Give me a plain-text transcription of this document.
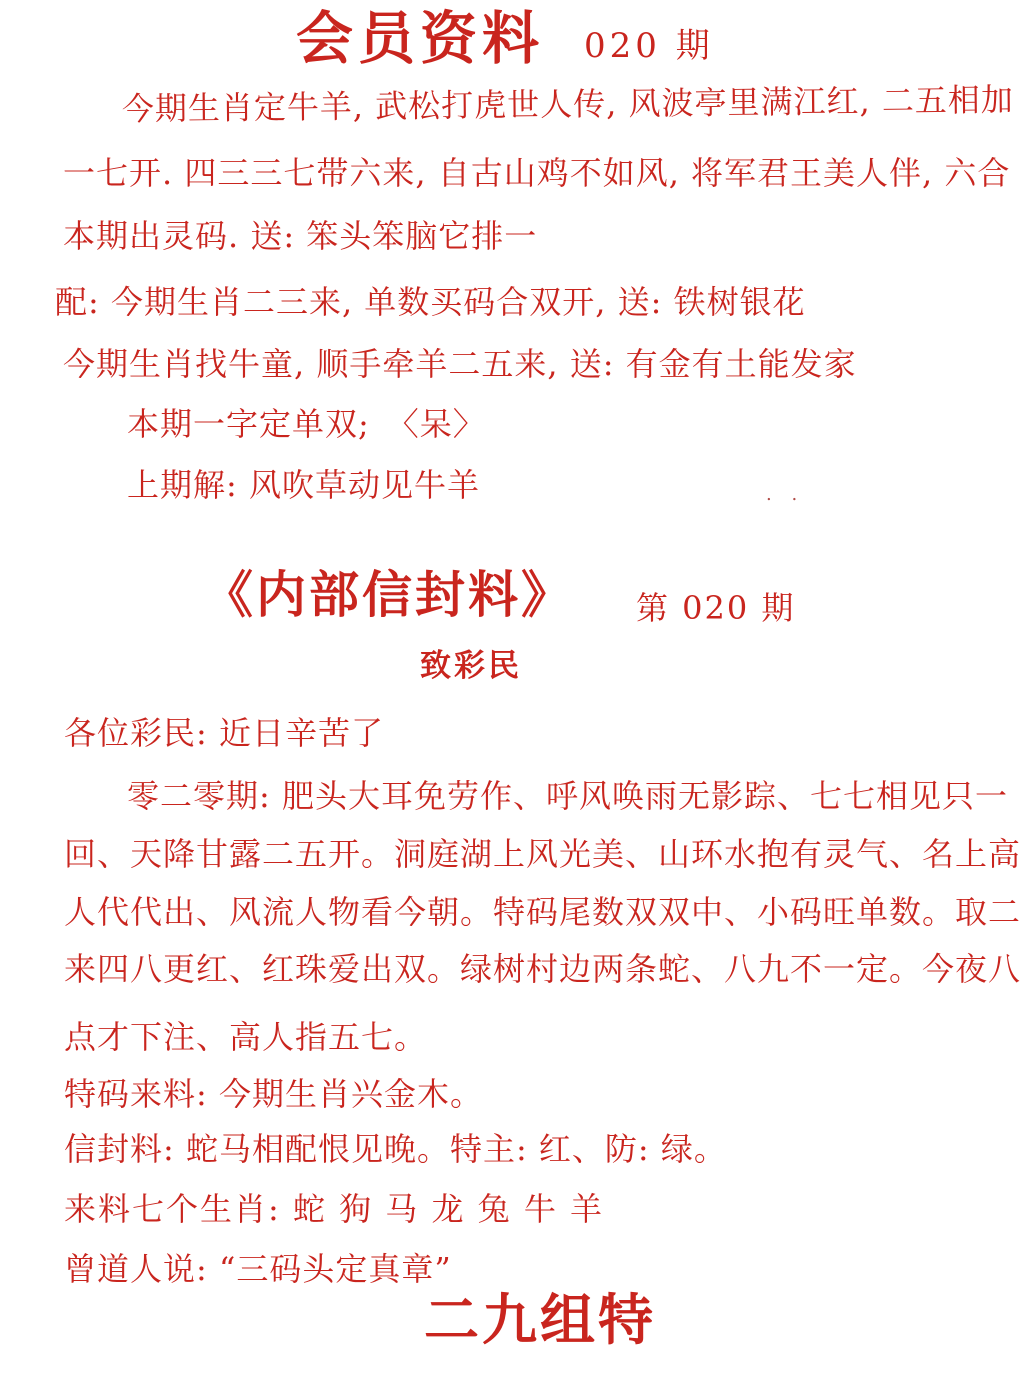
会员资料 020 期
今期生肖定牛羊, 武松打虎世人传, 风波亭里满江红, 二五相加
一七开. 四三三七带六来, 自古山鸡不如风, 将军君王美人伴, 六合
本期出灵码. 送: 笨头笨脑它排一
配: 今期生肖二三来, 单数买码合双开, 送: 铁树银花
今期生肖找牛童, 顺手牵羊二五来, 送: 有金有土能发家
本期一字定单双;　〈呆〉
上期解: 风吹草动见牛羊	. .
《内部信封料》 第 020 期
致彩民
各位彩民: 近日辛苦了
零二零期: 肥头大耳免劳作、呼风唤雨无影踪、七七相见只一
回、天降甘露二五开。洞庭湖上风光美、山环水抱有灵气、名上高
人代代出、风流人物看今朝。特码尾数双双中、小码旺单数。取二
来四八更红、红珠爱出双。绿树村边两条蛇、八九不一定。今夜八
点才下注、高人指五七。
特码来料: 今期生肖兴金木。
信封料: 蛇马相配恨见晚。特主: 红、防: 绿。
来料七个生肖: 蛇 狗 马 龙 兔 牛 羊
曾道人说: “三码头定真章”
二九组特
